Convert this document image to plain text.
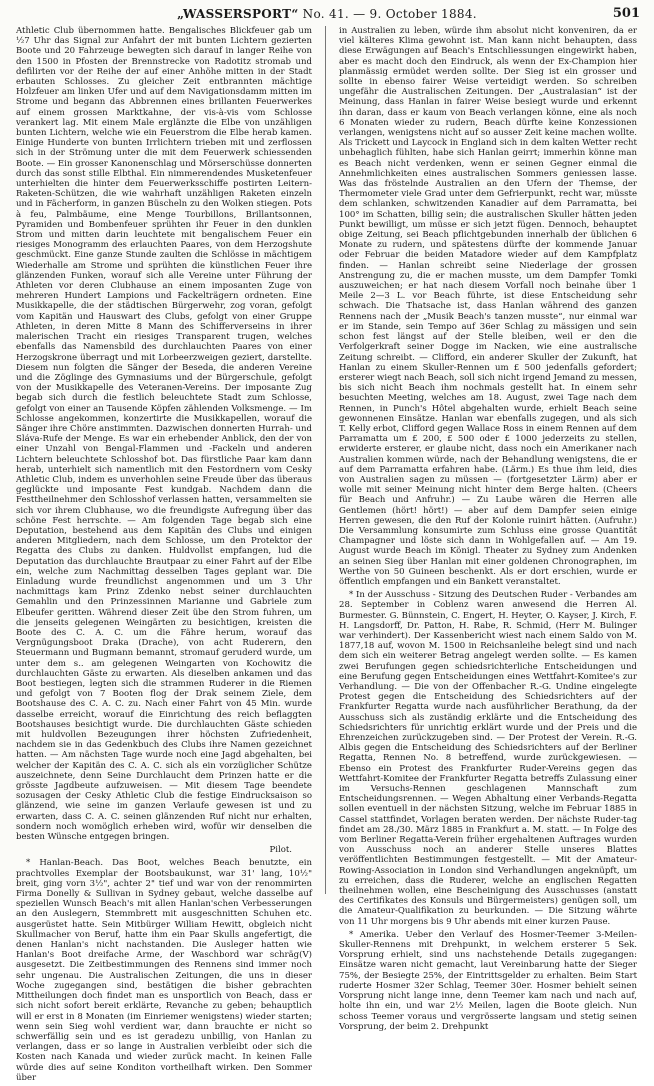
„WASSERSPORT“ No. 41. — 9. October 1884.	501

Athletic Club übernommen hatte. Bengalisches Blickfeuer gab um ½7 Uhr das Signal zur Anfahrt der mit bunten Lichtern gezierten Boote und 20 Fahrzeuge bewegten sich darauf in langer Reihe von den 1500 in Pfosten der Brennstrecke von Radotitz stromab und defilirten vor der Reihe der auf einer Anhöhe mitten in der Stadt erbauten Schlosses. Zu gleicher Zeit entbrannten mächtige Holzfeuer am linken Ufer und auf dem Navigationsdamm mitten im Strome und begann das Abbrennen eines brillanten Feuerwerkes auf einem grossen Marktkahne, der vis-à-vis vom Schlosse verankert lag. Mit einem Male erglänzte die Elbe von unzähligen bunten Lichtern, welche wie ein Feuerstrom die Elbe herab kamen. Einige Hunderte von bunten Irrlichtern trieben mit und zerflossen sich in der Strömung unter die mit dem Feuerwerk schiessenden Boote. — Ein grosser Kanonenschlag und Mörserschüsse donnerten durch das sonst stille Elbthal. Ein nimmerendendes Musketenfeuer unterhielten die hinter dem Feuerwerksschiffe postirten Leitern-Raketen-Schützen, die wie wahrhaft unzähligen Raketen einzeln und in Fächerform, in ganzen Büscheln zu den Wolken stiegen. Pots à feu, Palmbäume, eine Menge Tourbillons, Brillantsonnen, Pyramiden und Bombenfeuer sprühten ihr Feuer in den dunklen Strom und mitten darin leuchtete mit bengalischem Feuer ein riesiges Monogramm des erlauchten Paares, von dem Herzogshute geschmückt. Eine ganze Stunde zaulten die Schlösse in mächtigem Wiederhalle am Strome und sprühten die künstlichen Feuer ihre glänzenden Funken, worauf sich alle Vereine unter Führung der Athleten vor deren Clubhause an einem imposanten Zuge von mehreren Hundert Lampions und Fackelträgern ordneten. Eine Musikkapelle, die der städtischen Bürgerwehr, zog voran, gefolgt vom Kapitän und Hauswart des Clubs, gefolgt von einer Gruppe Athleten, in deren Mitte 8 Mann des Schifferverseins in ihrer malerischen Tracht ein riesiges Transparent trugen, welches ebenfalls das Namensbild des durchlauchten Paares von einer Herzogskrone überragt und mit Lorbeerzweigen geziert, darstellte. Diesem nun folgten die Sänger der Beseda, die anderen Vereine und die Zöglinge des Gymnasiums und der Bürgerschule, gefolgt von der Musikkapelle des Veteranen-Vereins. Der imposante Zug begab sich durch die festlich beleuchtete Stadt zum Schlosse, gefolgt von einer an Tausende Köpfen zählenden Volksmenge. — Im Schlosse angekommen, konzertirte die Musikkapellen, worauf die Sänger ihre Chöre anstimmten. Dazwischen donnerten Hurrah- und Sláva-Rufe der Menge. Es war ein erhebender Anblick, den der von einer Unzahl von Bengal-Flammen und -Fackeln und anderen Lichtern beleuchtete Schlosshof bot. Das fürstliche Paar kam dann herab, unterhielt sich namentlich mit den Festordnern vom Cesky Athletic Club, indem es unverhohlen seine Freude über das überaus geglückte und imposante Fest kundgab. Nachdem dann die Festtheilnehmer den Schlosshof verlassen hatten, versammelten sie sich vor ihrem Clubhause, wo die freundigste Aufregung über das schöne Fest herrschte. — Am folgenden Tage begab sich eine Deputation, bestehend aus dem Kapitän des Clubs und einigen anderen Mitgliedern, nach dem Schlosse, um den Protektor der Regatta des Clubs zu danken. Huldvollst empfangen, lud die Deputation das durchlauchte Brautpaar zu einer Fahrt auf der Elbe ein, welche zum Nachmittag desselben Tages geplant war. Die Einladung wurde freundlichst angenommen und um 3 Uhr nachmittags kam Prinz Zdenko nebst seiner durchlauchten Gemahlin und den Prinzessinnen Marianne und Gabriele zum Elbeufer geritten. Während dieser Zeit übe den Strom fuhren, um die jenseits gelegenen Weingärten zu besichtigen, kreisten die Boote des C. A. C. um die Fähre herum, worauf das Vergnügungsboot Draka (Drache), von acht Ruderern, den Steuermann und Bugmann bemannt, stromauf geruderd wurde, um unter dem s.. am gelegenen Weingarten von Kochowitz die durchlauchten Gäste zu erwarten. Als dieselben ankamen und das Boot bestiegen, legten sich die strammen Ruderer in die Riemen und gefolgt von 7 Booten flog der Drak seinem Ziele, dem Bootshause des C. A. C. zu. Nach einer Fahrt von 45 Min. wurde dasselbe erreicht, worauf die Einrichtung des reich beflaggten Bootshauses besichtigt wurde. Die durchlauchten Gäste schieden mit huldvollen Bezeugungen ihrer höchsten Zufriedenheit, nachdem sie in das Gedenkbuch des Clubs ihre Namen gezeichnet hatten. — Am nächsten Tage wurde noch eine Jagd abgehalten, bei welcher der Kapitän des C. A. C. sich als ein vorzüglicher Schütze auszeichnete, denn Seine Durchlaucht dem Prinzen hatte er die grösste Jagdbeute aufzuweisen. — Mit diesem Tage beendete sozusagen der Cesky Athletic Club die festige Eindrucksaison so glänzend, wie seine im ganzen Verlaufe gewesen ist und zu erwarten, dass C. A. C. seinen glänzenden Ruf nicht nur erhalten, sondern noch womöglich erheben wird, wofür wir denselben die besten Wünsche entgegen bringen.

Pilot.

* Hanlan-Beach. Das Boot, welches Beach benutzte, ein prachtvolles Exemplar der Bootsbaukunst, war 31' lang, 10½" breit, ging vorn 3½", achter 2" tief und war von der renommirten Firma Donelly & Sullivan in Sydney gebaut, welche dasselbe auf speziellen Wunsch Beach's mit allen Hanlan'schen Verbesserungen an den Auslegern, Stemmbrett mit ausgeschnitten Schuhen etc. ausgerüstet hatte. Sein Mitbürger William Hewitt, obgleich nicht Skullmacher von Beruf, hatte ihm ein Paar Skulls angefertigt, die denen Hanlan's nicht nachstanden. Die Ausleger hatten wie Hanlan's Boot dreifache Arme, der Waschbord war schräg(V) ausgesetzt. Die Zeitbestimmungen des Rennens sind immer noch sehr ungenau. Die Australischen Zeitungen, die uns in dieser Woche zugegangen sind, bestätigen die bisher gebrachten Mittheilungen doch findet man es unsportlich von Beach, dass er sich nicht sofort bereit erklärte, Revanche zu geben; behauptlich will er erst in 8 Monaten (im Einriemer wenigstens) wieder starten; wenn sein Sieg wohl verdient war, dann brauchte er nicht so schwerfällig sein und es ist geradezu unbillig, von Hanlan zu verlangen, dass er so lange in Australien verbleibt oder sich die Kosten nach Kanada und wieder zurück macht. In keinen Falle würde dies auf seine Konditon vortheilhaft wirken. Den Sommer über

in Australien zu leben, würde ihm absolut nicht konveniren, da er viel kälteres Klima gewohnt ist. Man kann nicht behaupten, dass diese Erwägungen auf Beach's Entschliessungen eingewirkt haben, aber es macht doch den Eindruck, als wenn der Ex-Champion hier planmässig ermüdet werden sollte. Der Sieg ist ein grosser und sollte in ebenso fairer Weise verteidigt werden. So schreiben ungefähr die Australischen Zeitungen. Der „Australasian“ ist der Meinung, dass Hanlan in fairer Weise besiegt wurde und erkennt ihn daran, dass er kaum von Beach verlangen könne, eine als noch 6 Monaten wieder zu rudern, Beach dürfte keine Konzessionen verlangen, wenigstens nicht auf so ausser Zeit keine machen wollte. Als Trickett und Laycock in England sich in dem kalten Wetter recht unbehaglich fühlten, habe sich Hanlan geirrt; immerhin könne man es Beach nicht verdenken, wenn er seinen Gegner einmal die Annehmlichkeiten eines australischen Sommers geniessen lasse. Was das fröstelnde Australien an den Ufern der Themse, der Thermometer viele Grad unter dem Gefrierpunkt, recht war, müsste dem schlanken, schwitzenden Kanadier auf dem Parramatta, bei 100° im Schatten, billig sein; die australischen Skuller hätten jeden Punkt bewilligt, um müsse er sich jetzt fügen. Dennoch, behauptet obige Zeitung, sei Beach pflichtgebunden innerhalb der üblichen 6 Monate zu rudern, und spätestens dürfte der kommende Januar oder Februar die beiden Matadore wieder auf dem Kampfplatz finden. — Hanlan schreibt seine Niederlage der grossen Anstrengung zu, die er machen musste, um dem Dampfer Tomki auszuweichen; er hat nach diesem Vorfall noch beinahe über 1 Meile 2—3 L. vor Beach führte, ist diese Entscheidung sehr schwach. Die Thatsache ist, dass Hanlan während des ganzen Rennens nach der „Musik Beach's tanzen musste“, nur einmal war er im Stande, sein Tempo auf 36er Schlag zu mässigen und sein schon fest längst auf der Stelle bleiben, weil er den die Verfolgerkraft seiner Dogge im Nacken, wie eine australische Zeitung schreibt. — Clifford, ein anderer Skuller der Zukunft, hat Hanlan zu einem Skuller-Rennen um £ 500 jedenfalls gefordert; ersterer wiegt nach Beach, soll sich nicht irgend Jemand zu messen, bis sich nicht Beach ihm nochmals gestellt hat. In einem sehr besuchten Meeting, welches am 18. August, zwei Tage nach dem Rennen, in Punch's Hôtel abgehalten wurde, erhielt Beach seine gewonnenen Einsätze. Hanlan war ebenfalls zugegen, und als sich T. Kelly erbot, Clifford gegen Wallace Ross in einem Rennen auf dem Parramatta um £ 200, £ 500 oder £ 1000 jederzeits zu stellen, erwiderte ersterer, er glaube nicht, dass noch ein Amerikaner nach Australien kommen würde, nach der Behandlung wenigstens, die er auf dem Parramatta erfahren habe. (Lärm.) Es thue ihm leid, dies von Australien sagen zu müssen — (fortgesetzter Lärm) aber er wolle mit seiner Meinung nicht hinter dem Berge halten. (Cheers für Beach und Anfruhr.) — Zu Laube wären die Herren alle Gentlemen (hört! hört!) — aber auf dem Dampfer seien einige Herren gewesen, die den Ruf der Kolonie ruinirt hätten. (Aufruhr.) Die Versammlung konsumirte zum Schluss eine grosse Quantität Champagner und löste sich dann in Wohlgefallen auf. — Am 19. August wurde Beach im Königl. Theater zu Sydney zum Andenken an seinen Sieg über Hanlan mit einer goldenen Chronographen, im Werthe von 50 Guineen beschenkt. Als er dort erschien, wurde er öffentlich empfangen und ein Bankett veranstaltet.

* In der Ausschuss - Sitzung des Deutschen Ruder - Verbandes am 28. September in Coblenz waren anwesend die Herren Al. Burmester. G. Bünnstein, C. Engert, H. Heyter, O. Kayser, J. Kirch, F. H. Langsdorff, Dr. Patton, H. Rabe, R. Schmid, (Herr M. Bulinger war verhindert). Der Kassenbericht wiest nach einem Saldo von M. 1877,18 auf, wovon M. 1500 in Reichsanleihe belegt sind und nach dem sich ein weiterer Betrag angelegt werden sollte. — Es kamen zwei Berufungen gegen schiedsrichterliche Entscheidungen und eine Berufung gegen Entscheidungen eines Wettfahrt-Komitee's zur Verhandlung. — Die von der Offenbacher R.-G. Undine eingelegte Protest gegen die Entscheidung des Schiedsrichters auf der Frankfurter Regatta wurde nach ausführlicher Berathung, da der Ausschuss sich als zuständig erklärte und die Entscheidung des Schiedsrichters für unrichtig erklärt wurde und der Preis und die Ehrenzeichen zurückzugeben sind. — Der Protest der Verein. R.-G. Albis gegen die Entscheidung des Schiedsrichters auf der Berliner Regatta, Rennen No. 8 betreffend, wurde zurückgewiesen. — Ebenso ein Protest des Frankfurter Ruder-Vereins gegen das Wettfahrt-Komitee der Frankfurter Regatta betreffs Zulassung einer im Versuchs-Rennen geschlagenen Mannschaft zum Entscheidungsrennen. — Wegen Abhaltung einer Verbands-Regatta sollen eventuell in der nächsten Sitzung, welche im Februar 1885 in Cassel stattfindet, Vorlagen beraten werden. Der nächste Ruder-tag findet am 28./30. März 1885 in Frankfurt a. M. statt. — In Folge des vom Berliner Regatta-Verein früher ergehaltenen Auftrages wurden von Ausschuss noch an anderer Stelle unseres Blattes veröffentlichten Bestimmungen festgestellt. — Mit der Amateur-Rowing-Association in London sind Verhandlungen angeknüpft, um zu erreichen, dass die Ruderer, welche an englischen Regatten theilnehmen wollen, eine Bescheinigung des Ausschusses (anstatt des Certifikates des Konsuls und Bürgermeisters) genügen soll, um die Amateur-Qualifikation zu beurkunden. — Die Sitzung währte von 11 Uhr morgens bis 9 Uhr abends mit einer kurzen Pause.

* Amerika. Ueber den Verlauf des Hosmer-Teemer 3-Meilen-Skuller-Rennens mit Drehpunkt, in welchem ersterer 5 Sek. Vorsprung erhielt, sind uns nachstehende Details zugegangen: Einsätze waren nicht gemacht, laut Vereinbarung hatte der Sieger 75%, der Besiegte 25%, der Eintrittsgelder zu erhalten. Beim Start ruderte Hosmer 32er Schlag, Teemer 30er. Hosmer behielt seinen Vorsprung nicht lange inne, denn Teemer kam nach und nach auf, holte ihn ein, und war 2½ Meilen, lagen die Boote gleich. Nun schoss Teemer voraus und vergrösserte langsam und stetig seinen Vorsprung, der beim 2. Drehpunkt
